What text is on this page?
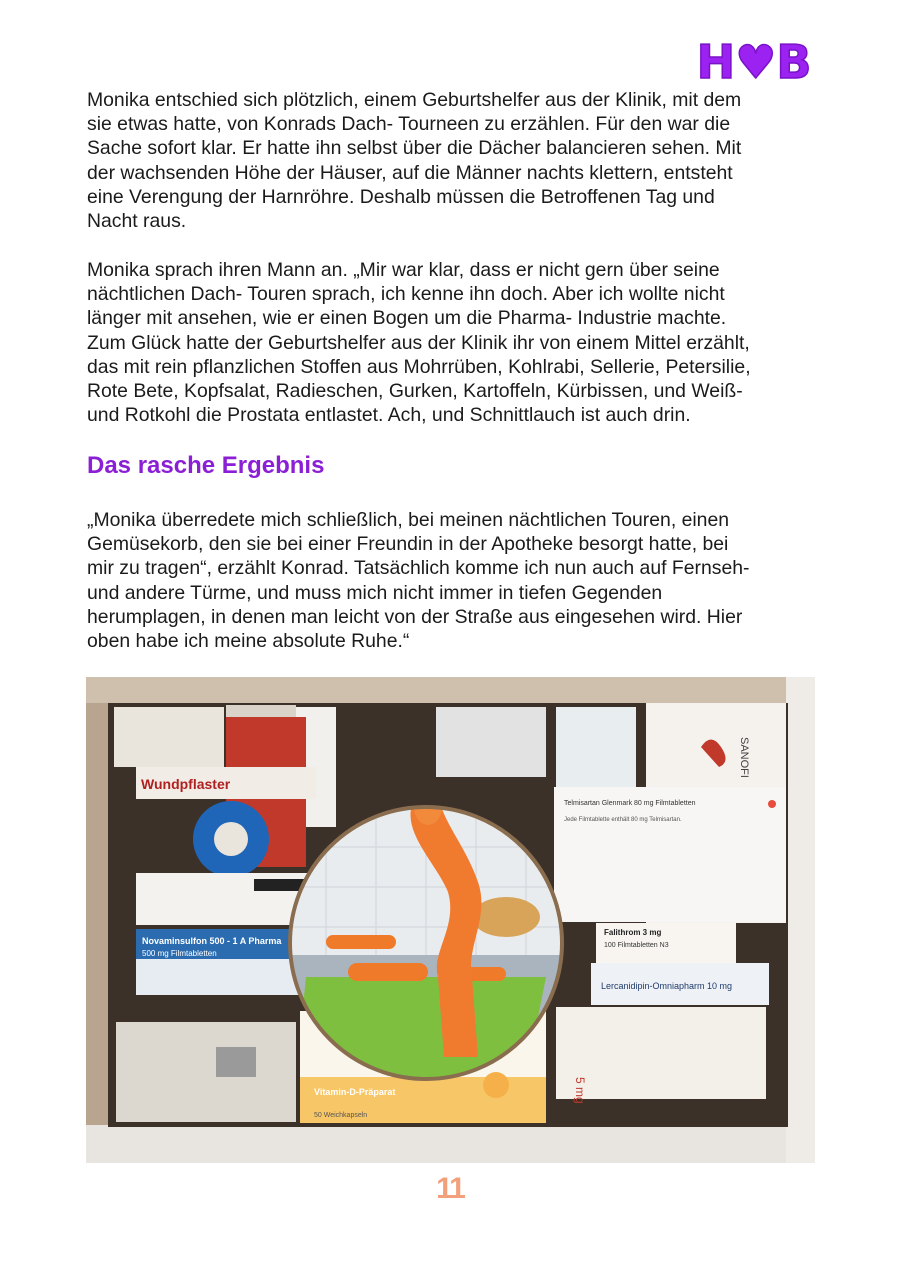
H♥B

Monika entschied sich plötzlich, einem Geburtshelfer aus der Klinik, mit dem
sie etwas hatte, von Konrads Dach- Tourneen zu erzählen. Für den war die
Sache sofort klar. Er hatte ihn selbst über die Dächer balancieren sehen. Mit
der wachsenden Höhe der Häuser, auf die Männer nachts klettern, entsteht
eine Verengung der Harnröhre. Deshalb müssen die Betroffenen Tag und
Nacht raus.

Monika sprach ihren Mann an. „Mir war klar, dass er nicht gern über seine
nächtlichen Dach- Touren sprach, ich kenne ihn doch. Aber ich wollte nicht
länger mit ansehen, wie er einen Bogen um die Pharma- Industrie machte.
Zum Glück hatte der Geburtshelfer aus der Klinik ihr von einem Mittel erzählt,
das mit rein pflanzlichen Stoffen aus Mohrrüben, Kohlrabi, Sellerie, Petersilie,
Rote Bete, Kopfsalat, Radieschen, Gurken, Kartoffeln, Kürbissen, und Weiß-
und Rotkohl die Prostata entlastet. Ach, und Schnittlauch ist auch drin.

Das rasche Ergebnis

„Monika überredete mich schließlich, bei meinen nächtlichen Touren, einen
Gemüsekorb, den sie bei einer Freundin in der Apotheke besorgt hatte, bei
mir zu tragen“, erzählt Konrad. Tatsächlich komme ich nun auch auf Fernseh-
und andere Türme, und muss mich nicht immer in tiefen Gegenden
herumplagen, in denen man leicht von der Straße aus eingesehen wird. Hier
oben habe ich meine absolute Ruhe.“

SANOFI
Wundpflaster
Novaminsulfon 500 - 1 A Pharma
500 mg Filmtabletten
Vitamin-D-Präparat
50 Weichkapseln
Telmisartan Glenmark 80 mg Filmtabletten
Jede Filmtablette enthält 80 mg Telmisartan.
Falithrom 3 mg
100 Filmtabletten N3
Lercanidipin-Omniapharm 10 mg
5 mg
11
